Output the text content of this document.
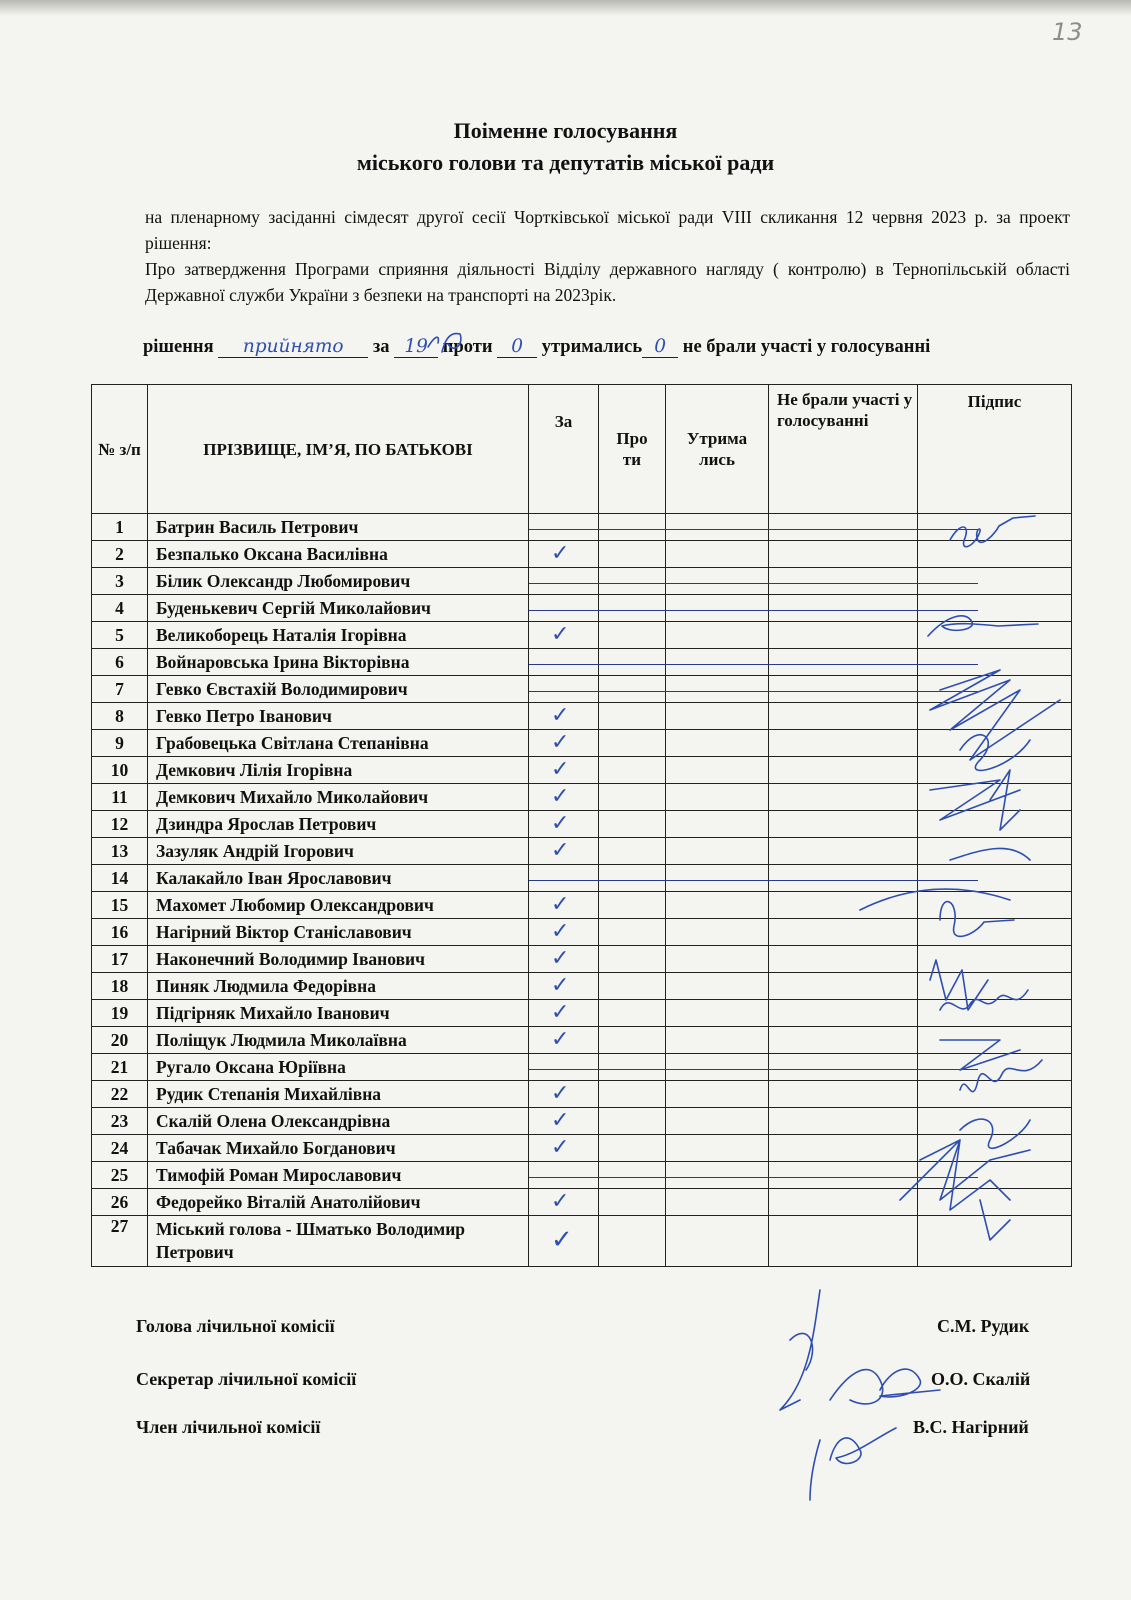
13
Поіменне голосування
міського голови та депутатів міської ради
на пленарному засіданні сімдесят другої сесії Чортківської міської ради VIII скликання 12 червня 2023 р. за проект рішення:
Про затвердження Програми сприяння діяльності Відділу державного нагляду ( контролю) в Тернопільській області Державної служби України з безпеки на транспорті на 2023рік.
рішення прийнято за 19 проти 0 утримались 0 не брали участі у голосуванні
№ з/п	ПРІЗВИЩЕ, ІМ’Я, ПО БАТЬКОВІ	За	Про ти	Утрима лись	Не брали участі у голосуванні	Підпис
1	Батрин Василь Петрович	

2	Безпалько Оксана Василівна	✓				

3	Білик Олександр Любомирович	

4	Буденькевич Сергій Миколайович	

5	Великоборець Наталія Ігорівна	✓				

6	Войнаровська Ірина Вікторівна	

7	Гевко Євстахій Володимирович	

8	Гевко Петро Іванович	✓				

9	Грабовецька Світлана Степанівна	✓				

10	Демкович Лілія Ігорівна	✓				

11	Демкович Михайло Миколайович	✓				

12	Дзиндра Ярослав Петрович	✓				

13	Зазуляк Андрій Ігорович	✓				

14	Калакайло Іван Ярославович	

15	Махомет Любомир Олександрович	✓				

16	Нагірний Віктор Станіславович	✓				

17	Наконечний Володимир Іванович	✓				

18	Пиняк Людмила Федорівна	✓				

19	Підгірняк Михайло Іванович	✓				

20	Поліщук Людмила Миколаївна	✓				

21	Ругало Оксана Юріївна	

22	Рудик Степанія Михайлівна	✓				

23	Скалій Олена Олександрівна	✓				

24	Табачак Михайло Богданович	✓				

25	Тимофій Роман Мирославович	

26	Федорейко Віталій Анатолійович	✓				

27	Міський голова - Шматько Володимир Петрович	✓				

Голова лічильної комісії	С.М. Рудик
Секретар лічильної комісії	О.О. Скалій
Член лічильної комісії	В.С. Нагірний
